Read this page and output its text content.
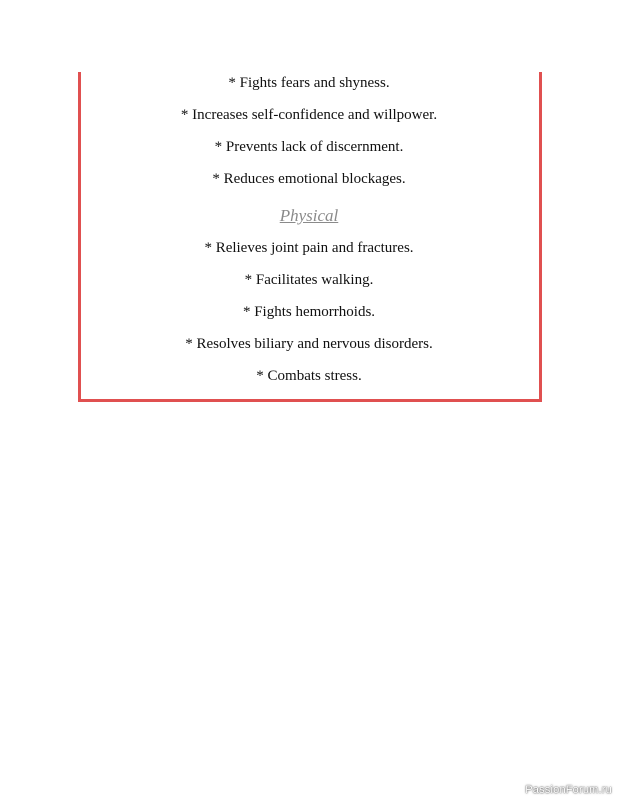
* Fights fears and shyness.
* Increases self-confidence and willpower.
* Prevents lack of discernment.
* Reduces emotional blockages.
Physical
* Relieves joint pain and fractures.
* Facilitates walking.
* Fights hemorrhoids.
* Resolves biliary and nervous disorders.
* Combats stress.
PassionForum.ru
